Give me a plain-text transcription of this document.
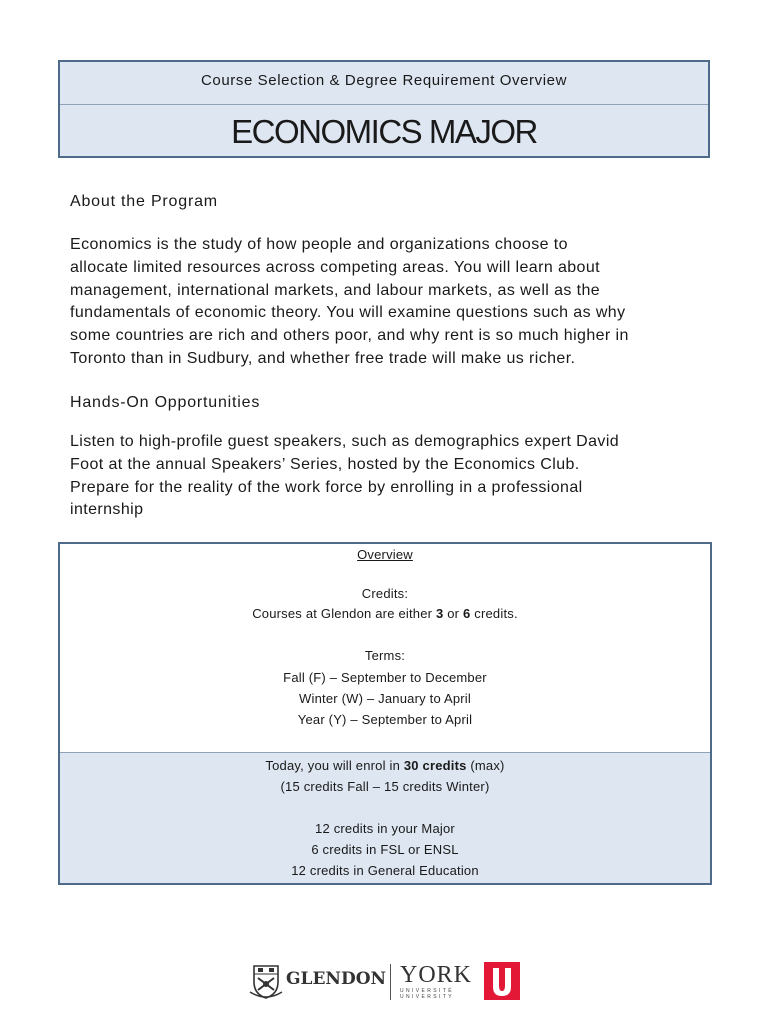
Course Selection & Degree Requirement Overview
ECONOMICS MAJOR
About the Program
Economics is the study of how people and organizations choose to
allocate limited resources across competing areas. You will learn about
management, international markets, and labour markets, as well as the
fundamentals of economic theory. You will examine questions such as why
some countries are rich and others poor, and why rent is so much higher in
Toronto than in Sudbury, and whether free trade will make us richer.
Hands-On Opportunities
Listen to high-profile guest speakers, such as demographics expert David
Foot at the annual Speakers’ Series, hosted by the Economics Club.
Prepare for the reality of the work force by enrolling in a professional
internship
Overview
Credits:
Courses at Glendon are either 3 or 6 credits.
Terms:
Fall (F) – September to December
Winter (W) – January to April
Year (Y) – September to April
Today, you will enrol in 30 credits (max)
(15 credits Fall – 15 credits Winter)
12 credits in your Major
6 credits in FSL or ENSL
12 credits in General Education
GLENDON YORK
UNIVERSITÉ UNIVERSITY
